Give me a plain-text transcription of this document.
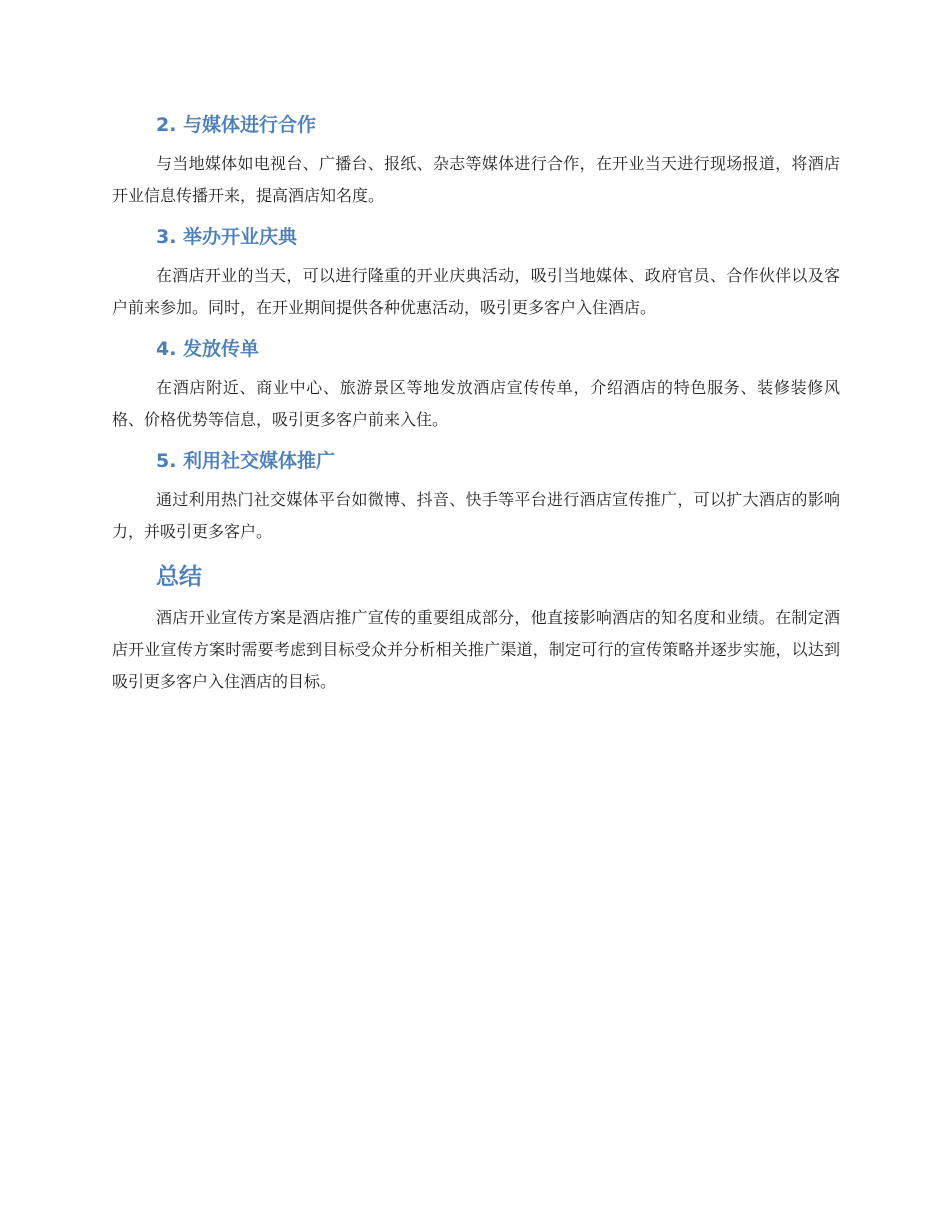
2. 与媒体进行合作

与当地媒体如电视台、广播台、报纸、杂志等媒体进行合作，在开业当天进行现场报道，将酒店开业信息传播开来，提高酒店知名度。

3. 举办开业庆典

在酒店开业的当天，可以进行隆重的开业庆典活动，吸引当地媒体、政府官员、合作伙伴以及客户前来参加。同时，在开业期间提供各种优惠活动，吸引更多客户入住酒店。

4. 发放传单

在酒店附近、商业中心、旅游景区等地发放酒店宣传传单，介绍酒店的特色服务、装修装修风格、价格优势等信息，吸引更多客户前来入住。

5. 利用社交媒体推广

通过利用热门社交媒体平台如微博、抖音、快手等平台进行酒店宣传推广，可以扩大酒店的影响力，并吸引更多客户。

总结

酒店开业宣传方案是酒店推广宣传的重要组成部分，他直接影响酒店的知名度和业绩。在制定酒店开业宣传方案时需要考虑到目标受众并分析相关推广渠道，制定可行的宣传策略并逐步实施，以达到吸引更多客户入住酒店的目标。
